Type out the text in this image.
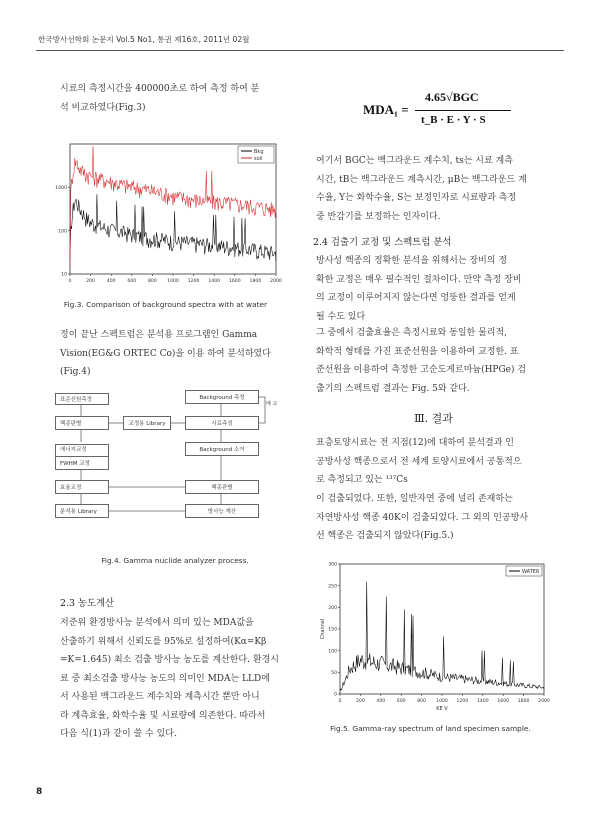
한국방사선학회 논문지 Vol.5 No1, 통권 제16호, 2011년 02월

시료의 측정시간을 400000초로 하여 측정 하여 분

석 비교하였다(Fig.3)

0	200	400	600	800 1000 1200 1400 1600 1800 2000
10
100
1000
Bkg
soil
Fig.3. Comparison of background spectra with at water

정이 끝난 스펙트럼은 분석용 프로그램인 Gamma

Vision(EG&G ORTEC Co)을 이용 하여 분석하였다

(Fig.4)

표준선원측정
핵종판별
에너지교정
FWHM 교정
효율교정
분석용 Library
교정용 Library
Background 측정
시료측정
Background 소거
핵종판별
방사능 계산
배 교
Fig.4. Gamma nuclide analyzer process.
2.3 농도계산

저준위 환경방사능 분석에서 의미 있는 MDA값을

산출하기 위해서 신뢰도를 95%로 설정하여(Kα=Kβ

=K=1.645) 최소 검출 방사능 농도를 계산한다. 환경시

료 중 최소검출 방사능 농도의 의미인 MDA는 LLD에

서 사용된 백그라운드 계수치와 계측시간 뿐만 아니

라 계측효율, 화학수율 및 시료량에 의존한다. 따라서

다음 식(1)과 같이 쓸 수 있다.

MDA₁ =
4.65√BGC
t_B · E · Y · S

여기서 BGC는 백그라운드 계수치, ts는 시료 계측

시간, tB는 백그라운드 계측시간, μB는 백그라운드 계

수율, Y는 화학수율, S는 보정인자로 시료량과 측정

중 반감기를 보정하는 인자이다.

2.4 검출기 교정 및 스펙트럼 분석

방사성 핵종의 정확한 분석을 위해서는 장비의 정

확한 교정은 매우 필수적인 절차이다. 만약 측정 장비

의 교정이 이루어지지 않는다면 엉뚱한 결과를 얻게

될 수도 있다

그 중에서 검출효율은 측정시료와 동일한 물리적,

화학적 형태를 가진 표준선원을 이용하여 교정한. 표

준선원을 이용하여 측정한 고순도게르마늄(HPGe) 검

출기의 스펙트럼 결과는 Fig. 5와 같다.

Ⅲ. 결과

표층토양시료는 전 지점(12)에 대하여 분석결과 인

공방사성 핵종으로서 전 세계 토양시료에서 공통적으

로 측정되고 있는 ¹³⁷Cs

이 검출되었다. 또한, 일반자연 중에 널리 존재하는

자연방사성 핵종 40K이 검출되었다. 그 외의 인공방사

선 핵종은 검출되지 않았다(Fig.5.)

0	200	400	600	800 1000 1200 1400 1600 1800 2000
0
50
100
150
200
250
300
KE V
Channel
WATER
Fig.5. Gamma-ray spectrum of land specimen sample.
8
